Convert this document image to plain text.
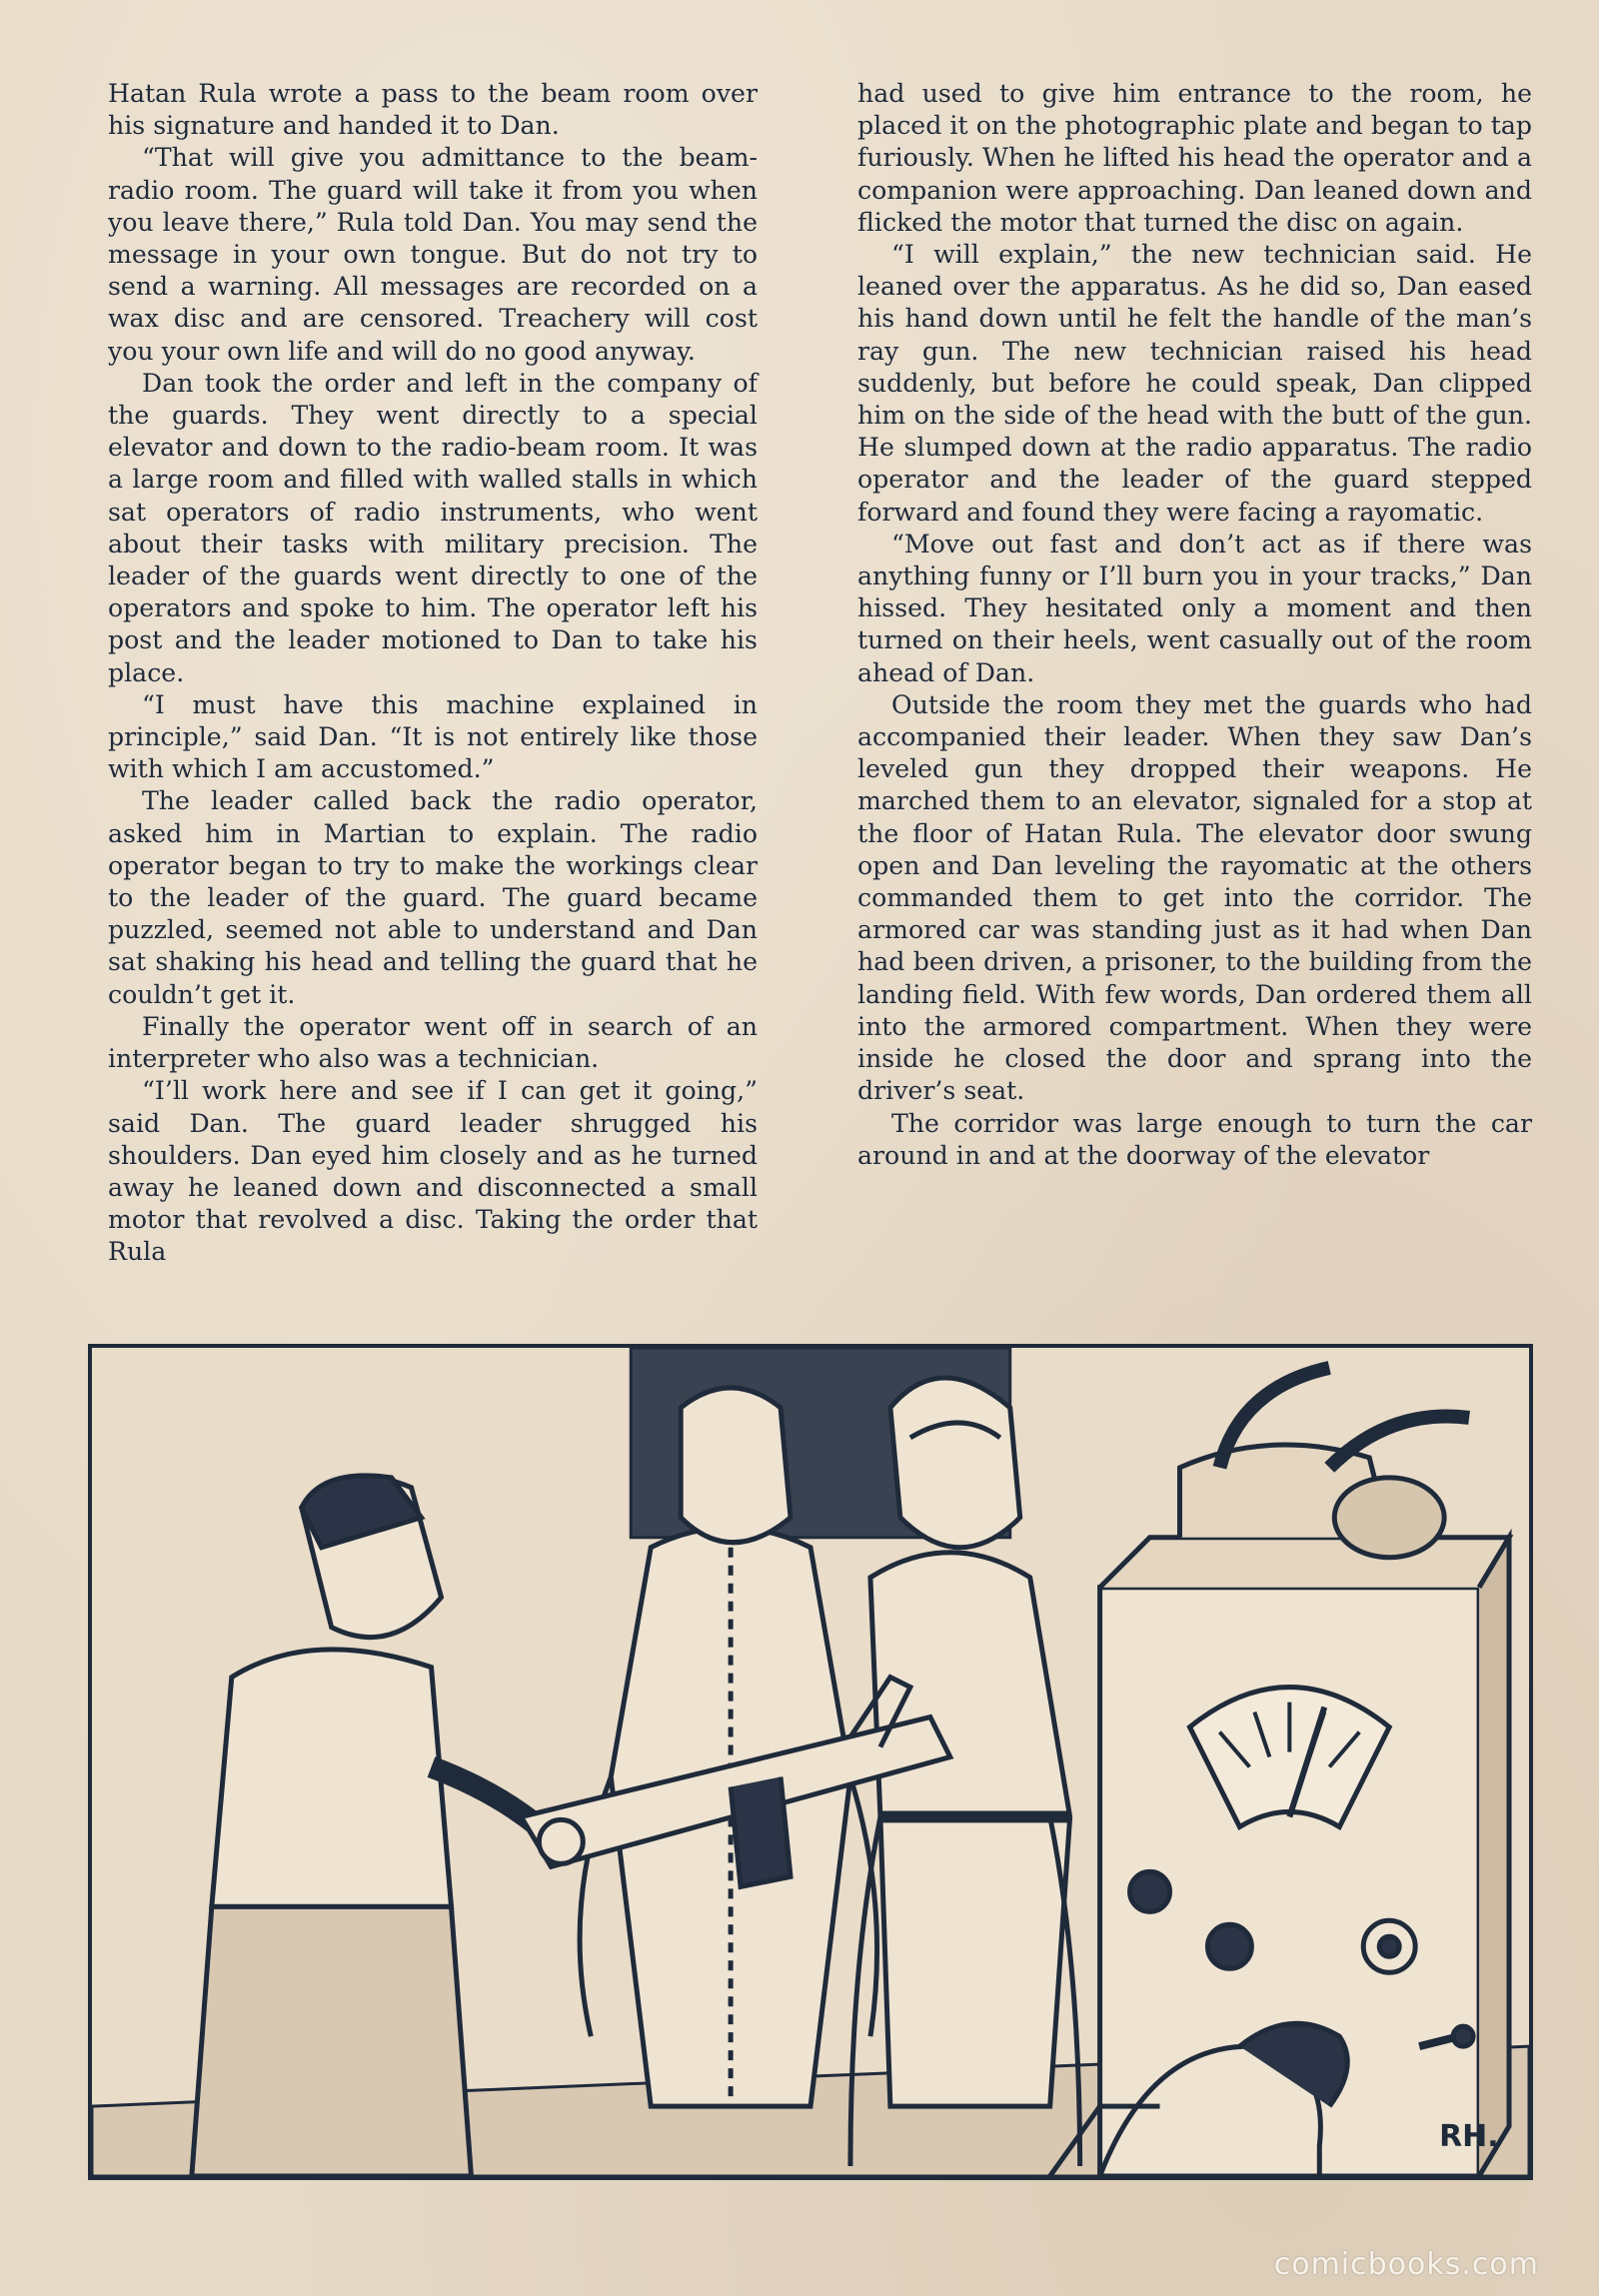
Hatan Rula wrote a pass to the beam room over his signature and handed it to Dan.

“That will give you admittance to the beam-radio room. The guard will take it from you when you leave there,” Rula told Dan. You may send the message in your own tongue. But do not try to send a warning. All messages are recorded on a wax disc and are censored. Treachery will cost you your own life and will do no good anyway.

Dan took the order and left in the company of the guards. They went directly to a special elevator and down to the radio-beam room. It was a large room and filled with walled stalls in which sat operators of radio instruments, who went about their tasks with military precision. The leader of the guards went directly to one of the operators and spoke to him. The operator left his post and the leader motioned to Dan to take his place.

“I must have this machine explained in principle,” said Dan. “It is not entirely like those with which I am accustomed.”

The leader called back the radio operator, asked him in Martian to explain. The radio operator began to try to make the workings clear to the leader of the guard. The guard became puzzled, seemed not able to understand and Dan sat shaking his head and telling the guard that he couldn’t get it.

Finally the operator went off in search of an interpreter who also was a technician.

“I’ll work here and see if I can get it going,” said Dan. The guard leader shrugged his shoulders. Dan eyed him closely and as he turned away he leaned down and disconnected a small motor that revolved a disc. Taking the order that Rula

had used to give him entrance to the room, he placed it on the photographic plate and began to tap furiously. When he lifted his head the operator and a companion were approaching. Dan leaned down and flicked the motor that turned the disc on again.

“I will explain,” the new technician said. He leaned over the apparatus. As he did so, Dan eased his hand down until he felt the handle of the man’s ray gun. The new technician raised his head suddenly, but before he could speak, Dan clipped him on the side of the head with the butt of the gun. He slumped down at the radio apparatus. The radio operator and the leader of the guard stepped forward and found they were facing a rayomatic.

“Move out fast and don’t act as if there was anything funny or I’ll burn you in your tracks,” Dan hissed. They hesitated only a moment and then turned on their heels, went casually out of the room ahead of Dan.

Outside the room they met the guards who had accompanied their leader. When they saw Dan’s leveled gun they dropped their weapons. He marched them to an elevator, signaled for a stop at the floor of Hatan Rula. The elevator door swung open and Dan leveling the rayomatic at the others commanded them to get into the corridor. The armored car was standing just as it had when Dan had been driven, a prisoner, to the building from the landing field. With few words, Dan ordered them all into the armored compartment. When they were inside he closed the door and sprang into the driver’s seat.

The corridor was large enough to turn the car around in and at the doorway of the elevator

RH.
comicbooks.com
